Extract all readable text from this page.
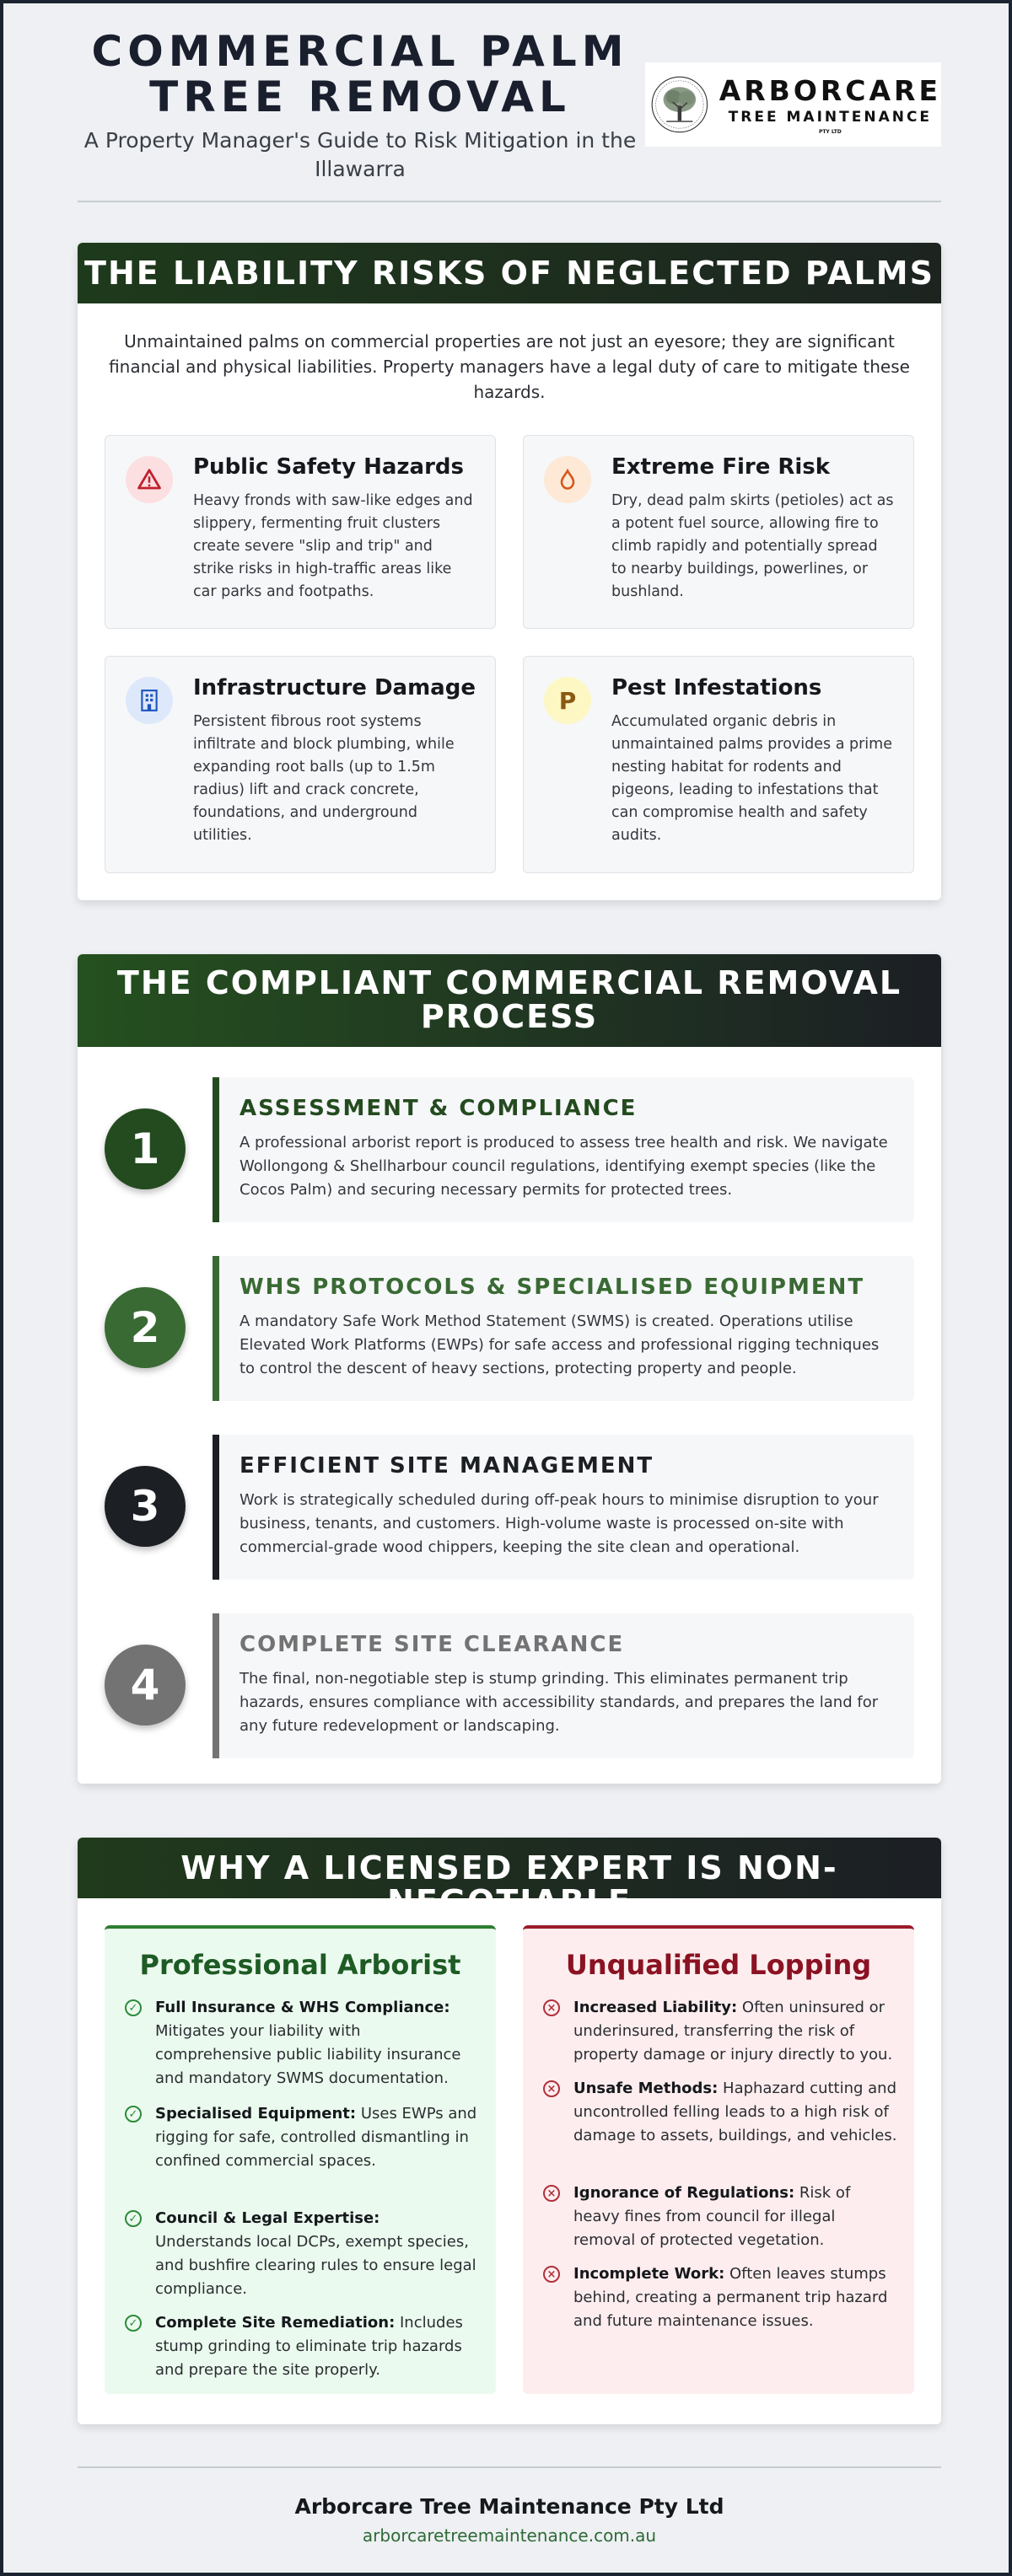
COMMERCIAL PALM
TREE REMOVAL
A Property Manager's Guide to Risk Mitigation in the Illawarra
ARBORCARE
TREE MAINTENANCE
PTY LTD
THE LIABILITY RISKS OF NEGLECTED PALMS
Unmaintained palms on commercial properties are not just an eyesore; they are significant financial and physical liabilities. Property managers have a legal duty of care to mitigate these hazards.
Public Safety Hazards
Heavy fronds with saw-like edges and slippery, fermenting fruit clusters create severe "slip and trip" and strike risks in high-traffic areas like car parks and footpaths.
Extreme Fire Risk
Dry, dead palm skirts (petioles) act as a potent fuel source, allowing fire to climb rapidly and potentially spread to nearby buildings, powerlines, or bushland.
Infrastructure Damage
Persistent fibrous root systems infiltrate and block plumbing, while expanding root balls (up to 1.5m radius) lift and crack concrete, foundations, and underground utilities.
P Pest Infestations
Accumulated organic debris in unmaintained palms provides a prime nesting habitat for rodents and pigeons, leading to infestations that can compromise health and safety audits.
THE COMPLIANT COMMERCIAL REMOVAL
PROCESS
1
ASSESSMENT & COMPLIANCE
A professional arborist report is produced to assess tree health and risk. We navigate Wollongong & Shellharbour council regulations, identifying exempt species (like the Cocos Palm) and securing necessary permits for protected trees.
2
WHS PROTOCOLS & SPECIALISED EQUIPMENT
A mandatory Safe Work Method Statement (SWMS) is created. Operations utilise Elevated Work Platforms (EWPs) for safe access and professional rigging techniques to control the descent of heavy sections, protecting property and people.
3
EFFICIENT SITE MANAGEMENT
Work is strategically scheduled during off-peak hours to minimise disruption to your business, tenants, and customers. High-volume waste is processed on-site with commercial-grade wood chippers, keeping the site clean and operational.
4
COMPLETE SITE CLEARANCE
The final, non-negotiable step is stump grinding. This eliminates permanent trip hazards, ensures compliance with accessibility standards, and prepares the land for any future redevelopment or landscaping.
WHY A LICENSED EXPERT IS NON-NEGOTIABLE
Professional Arborist
✓ Full Insurance & WHS Compliance: Mitigates your liability with comprehensive public liability insurance and mandatory SWMS documentation.
✓ Specialised Equipment: Uses EWPs and rigging for safe, controlled dismantling in confined commercial spaces.
✓ Council & Legal Expertise: Understands local DCPs, exempt species, and bushfire clearing rules to ensure legal compliance.
✓ Complete Site Remediation: Includes stump grinding to eliminate trip hazards and prepare the site properly.
Unqualified Lopping
× Increased Liability: Often uninsured or underinsured, transferring the risk of property damage or injury directly to you.
× Unsafe Methods: Haphazard cutting and uncontrolled felling leads to a high risk of damage to assets, buildings, and vehicles.
× Ignorance of Regulations: Risk of heavy fines from council for illegal removal of protected vegetation.
× Incomplete Work: Often leaves stumps behind, creating a permanent trip hazard and future maintenance issues.
Arborcare Tree Maintenance Pty Ltd
arborcaretreemaintenance.com.au
